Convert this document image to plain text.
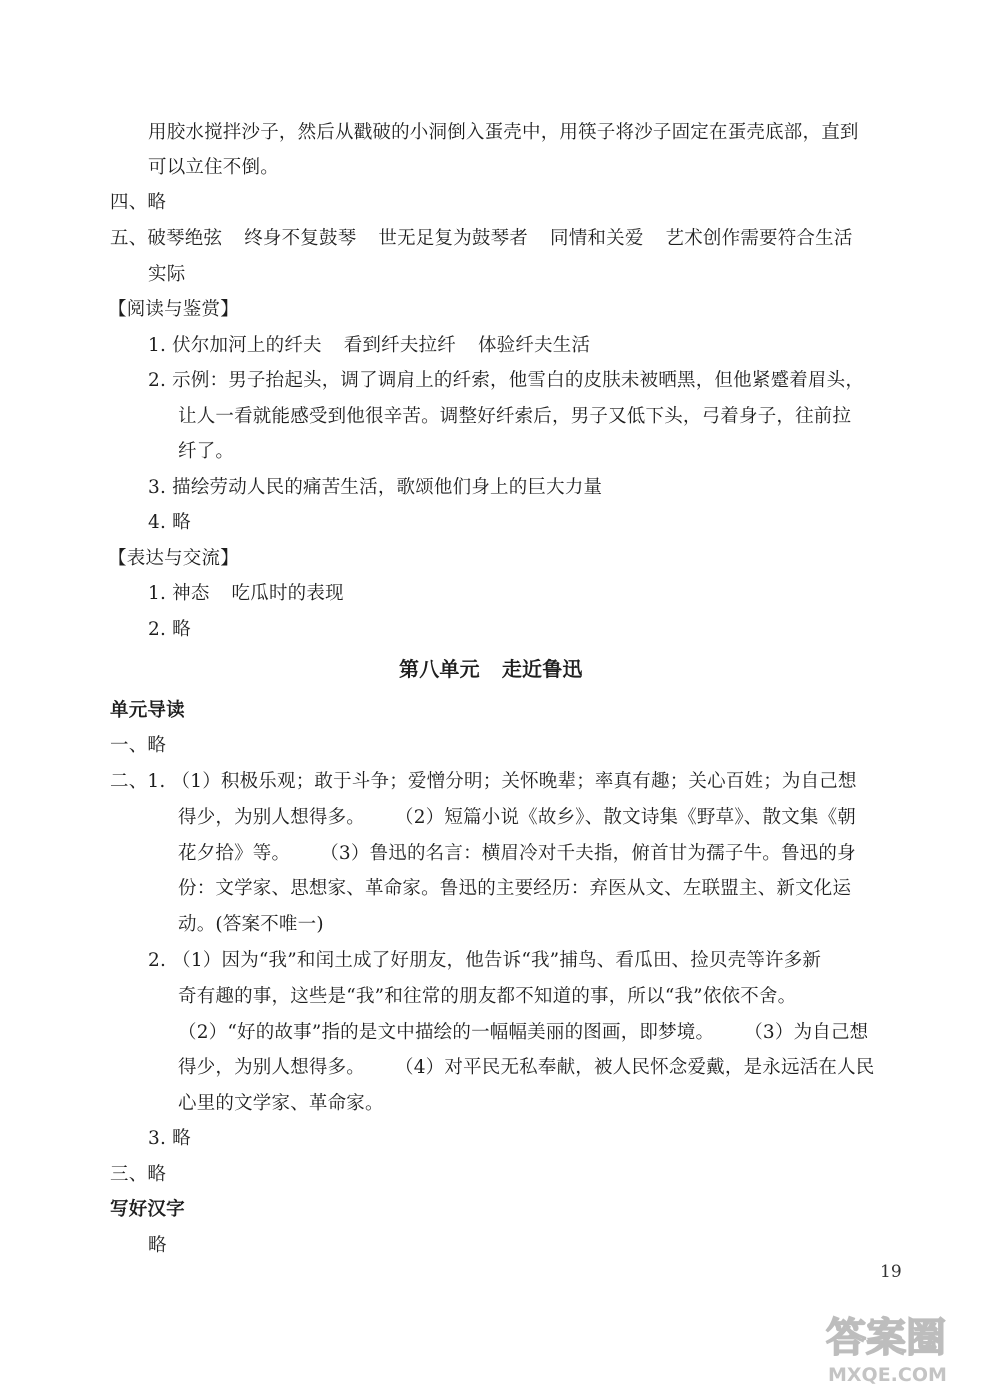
用胶水搅拌沙子，然后从戳破的小洞倒入蛋壳中，用筷子将沙子固定在蛋壳底部，直到
可以立住不倒。
四、略
五、破琴绝弦 终身不复鼓琴 世无足复为鼓琴者 同情和关爱 艺术创作需要符合生活
实际
【阅读与鉴赏】
1. 伏尔加河上的纤夫 看到纤夫拉纤 体验纤夫生活
2. 示例：男子抬起头，调了调肩上的纤索，他雪白的皮肤未被晒黑，但他紧蹙着眉头，
让人一看就能感受到他很辛苦。调整好纤索后，男子又低下头，弓着身子，往前拉
纤了。
3. 描绘劳动人民的痛苦生活，歌颂他们身上的巨大力量
4. 略
【表达与交流】
1. 神态 吃瓜时的表现
2. 略
第八单元 走近鲁迅
单元导读
一、略
二、1. （1）积极乐观；敢于斗争；爱憎分明；关怀晚辈；率真有趣；关心百姓；为自己想
得少，为别人想得多。 （2）短篇小说《故乡》、散文诗集《野草》、散文集《朝
花夕拾》等。 （3）鲁迅的名言：横眉冷对千夫指，俯首甘为孺子牛。鲁迅的身
份：文学家、思想家、革命家。鲁迅的主要经历：弃医从文、左联盟主、新文化运
动。(答案不唯一)
2. （1）因为“我”和闰土成了好朋友，他告诉“我”捕鸟、看瓜田、捡贝壳等许多新
奇有趣的事，这些是“我”和往常的朋友都不知道的事，所以“我”依依不舍。
（2）“好的故事”指的是文中描绘的一幅幅美丽的图画，即梦境。 （3）为自己想
得少，为别人想得多。 （4）对平民无私奉献，被人民怀念爱戴，是永远活在人民
心里的文学家、革命家。
3. 略
三、略
写好汉字
略
19
答案圈
MXQE.COM
